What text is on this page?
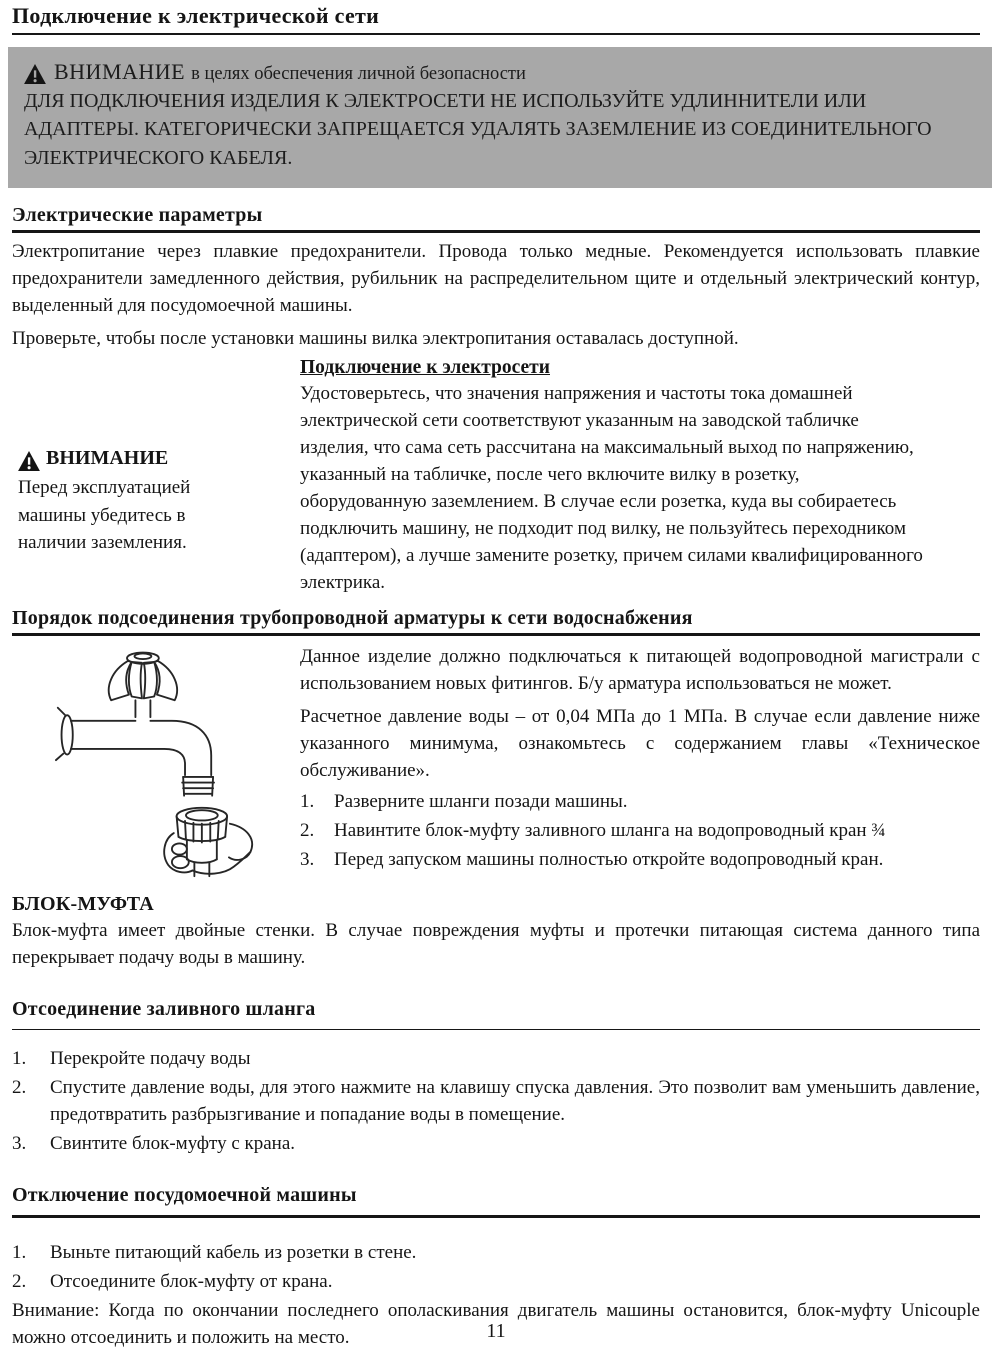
Подключение к электрической сети
ВНИМАНИЕ в целях обеспечения личной безопасности
ДЛЯ ПОДКЛЮЧЕНИЯ ИЗДЕЛИЯ К ЭЛЕКТРОСЕТИ НЕ ИСПОЛЬЗУЙТЕ УДЛИННИТЕЛИ ИЛИ АДАПТЕРЫ. КАТЕГОРИЧЕСКИ ЗАПРЕЩАЕТСЯ УДАЛЯТЬ ЗАЗЕМЛЕНИЕ ИЗ СОЕДИНИТЕЛЬНОГО ЭЛЕКТРИЧЕСКОГО КАБЕЛЯ.
Электрические параметры

Электропитание через плавкие предохранители. Провода только медные. Рекомендуется использовать плавкие предохранители замедленного действия, рубильник на распределительном щите и отдельный электрический контур, выделенный для посудомоечной машины.

Проверьте, чтобы после установки машины вилка электропитания оставалась доступной.

ВНИМАНИЕ
Перед эксплуатацией машины убедитесь в наличии заземления.
Подключение к электросети

Удостоверьтесь, что значения напряжения и частоты тока домашней электрической сети соответствуют указанным на заводской табличке изделия, что сама сеть рассчитана на максимальный выход по напряжению, указанный на табличке, после чего включите вилку в розетку, оборудованную заземлением. В случае если розетка, куда вы собираетесь подключить машину, не подходит под вилку, не пользуйтесь переходником (адаптером), а лучше замените розетку, причем силами квалифицированного электрика.

Порядок подсоединения трубопроводной арматуры к сети водоснабжения

Данное изделие должно подключаться к питающей водопроводной магистрали с использованием новых фитингов. Б/у арматура использоваться не может.

Расчетное давление воды – от 0,04 МПа до 1 МПа. В случае если давление ниже указанного минимума, ознакомьтесь с содержанием главы «Техническое обслуживание».

1.	Разверните шланги позади машины.
2.	Навинтите блок-муфту заливного шланга на водопроводный кран ¾
3.	Перед запуском машины полностью откройте водопроводный кран.
БЛОК-МУФТА

Блок-муфта имеет двойные стенки. В случае повреждения муфты и протечки питающая система данного типа перекрывает подачу воды в машину.

Отсоединение заливного шланга
1.	Перекройте подачу воды
2.	Спустите давление воды, для этого нажмите на клавишу спуска давления. Это позволит вам уменьшить давление, предотвратить разбрызгивание и попадание воды в помещение.
3.	Свинтите блок-муфту с крана.
Отключение посудомоечной машины
1.	Выньте питающий кабель из розетки в стене.
2.	Отсоедините блок-муфту от крана.

Внимание: Когда по окончании последнего ополаскивания двигатель машины остановится, блок-муфту Unicouple можно отсоединить и положить на место.	11
